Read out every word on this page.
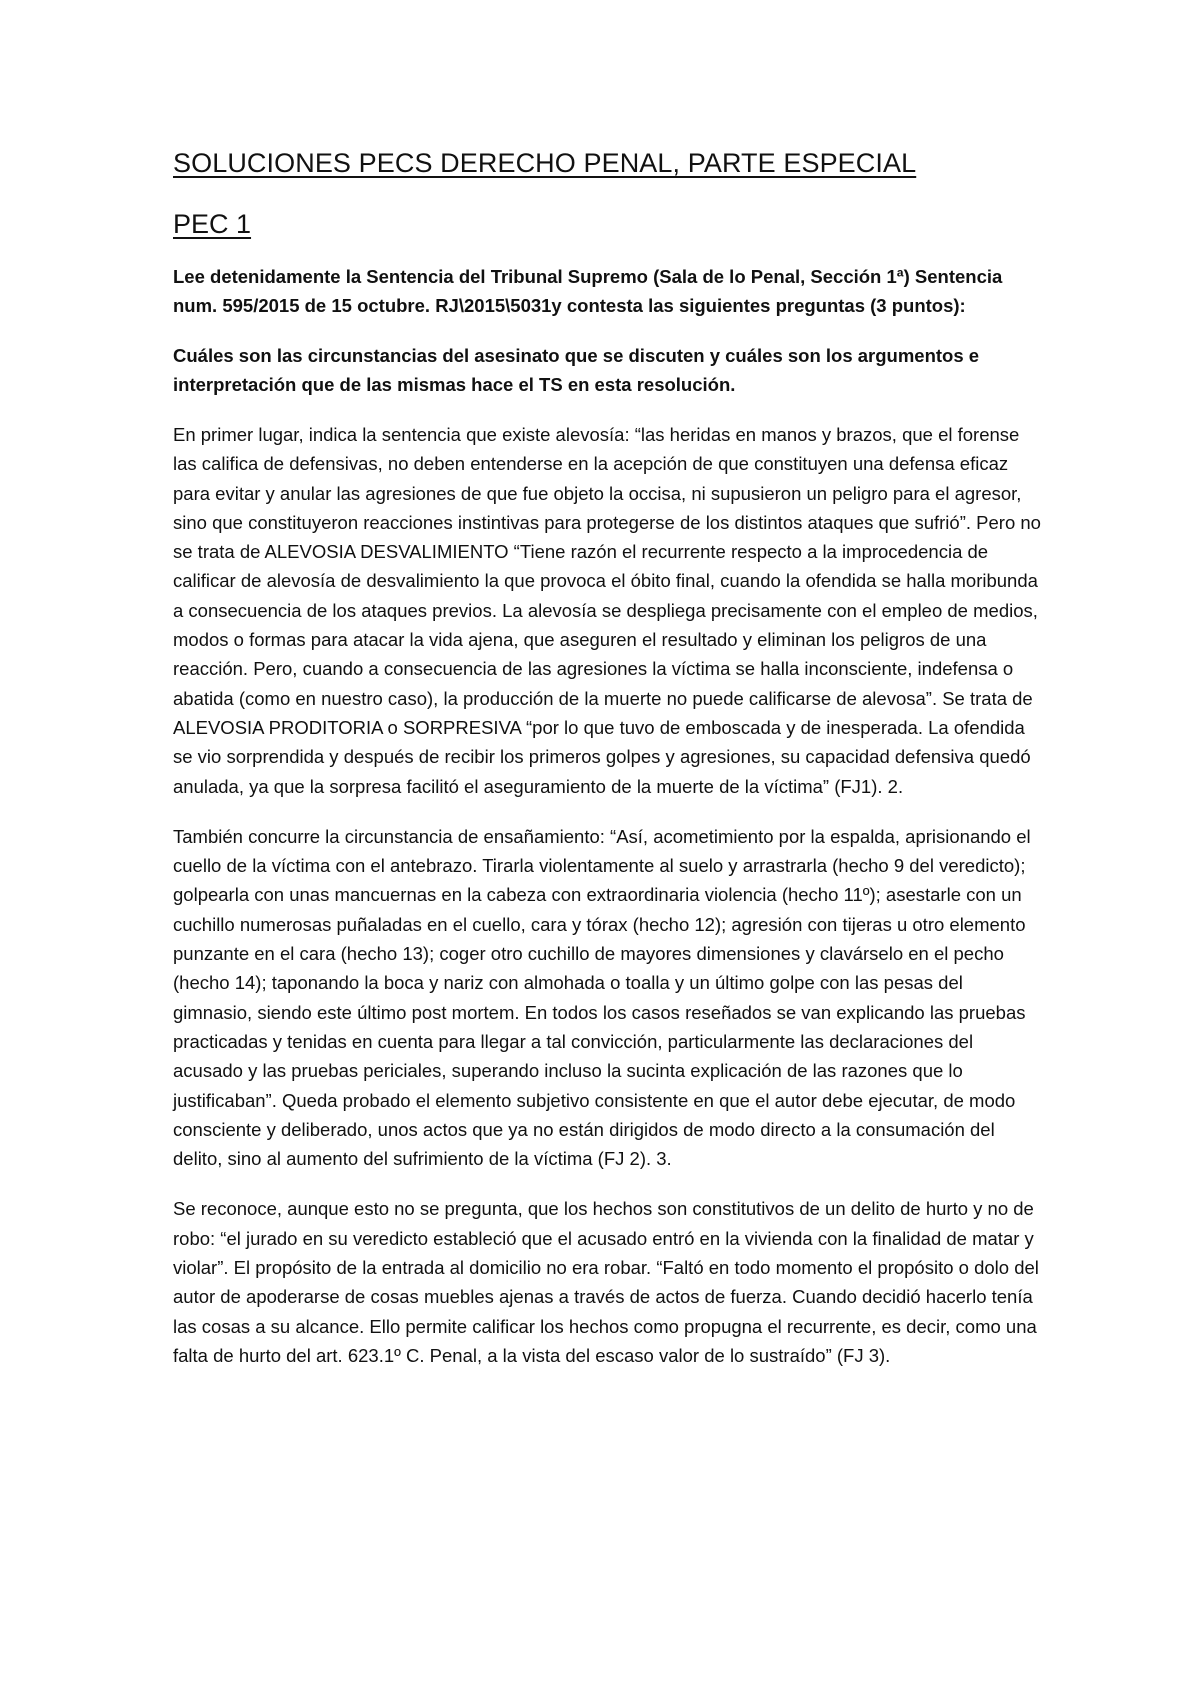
SOLUCIONES PECS DERECHO PENAL, PARTE ESPECIAL
PEC 1

Lee detenidamente la Sentencia del Tribunal Supremo (Sala de lo Penal, Sección 1ª) Sentencia num. 595/2015 de 15 octubre. RJ\2015\5031y contesta las siguientes preguntas (3 puntos):

Cuáles son las circunstancias del asesinato que se discuten y cuáles son los argumentos e interpretación que de las mismas hace el TS en esta resolución.

En primer lugar, indica la sentencia que existe alevosía: “las heridas en manos y brazos, que el forense las califica de defensivas, no deben entenderse en la acepción de que constituyen una defensa eficaz para evitar y anular las agresiones de que fue objeto la occisa, ni supusieron un peligro para el agresor, sino que constituyeron reacciones instintivas para protegerse de los distintos ataques que sufrió”. Pero no se trata de ALEVOSIA DESVALIMIENTO “Tiene razón el recurrente respecto a la improcedencia de calificar de alevosía de desvalimiento la que provoca el óbito final, cuando la ofendida se halla moribunda a consecuencia de los ataques previos. La alevosía se despliega precisamente con el empleo de medios, modos o formas para atacar la vida ajena, que aseguren el resultado y eliminan los peligros de una reacción. Pero, cuando a consecuencia de las agresiones la víctima se halla inconsciente, indefensa o abatida (como en nuestro caso), la producción de la muerte no puede calificarse de alevosa”. Se trata de ALEVOSIA PRODITORIA o SORPRESIVA “por lo que tuvo de emboscada y de inesperada. La ofendida se vio sorprendida y después de recibir los primeros golpes y agresiones, su capacidad defensiva quedó anulada, ya que la sorpresa facilitó el aseguramiento de la muerte de la víctima” (FJ1). 2.

También concurre la circunstancia de ensañamiento: “Así, acometimiento por la espalda, aprisionando el cuello de la víctima con el antebrazo. Tirarla violentamente al suelo y arrastrarla (hecho 9 del veredicto); golpearla con unas mancuernas en la cabeza con extraordinaria violencia (hecho 11º); asestarle con un cuchillo numerosas puñaladas en el cuello, cara y tórax (hecho 12); agresión con tijeras u otro elemento punzante en el cara (hecho 13); coger otro cuchillo de mayores dimensiones y clavárselo en el pecho (hecho 14); taponando la boca y nariz con almohada o toalla y un último golpe con las pesas del gimnasio, siendo este último post mortem. En todos los casos reseñados se van explicando las pruebas practicadas y tenidas en cuenta para llegar a tal convicción, particularmente las declaraciones del acusado y las pruebas periciales, superando incluso la sucinta explicación de las razones que lo justificaban”. Queda probado el elemento subjetivo consistente en que el autor debe ejecutar, de modo consciente y deliberado, unos actos que ya no están dirigidos de modo directo a la consumación del delito, sino al aumento del sufrimiento de la víctima (FJ 2). 3.

Se reconoce, aunque esto no se pregunta, que los hechos son constitutivos de un delito de hurto y no de robo: “el jurado en su veredicto estableció que el acusado entró en la vivienda con la finalidad de matar y violar”. El propósito de la entrada al domicilio no era robar. “Faltó en todo momento el propósito o dolo del autor de apoderarse de cosas muebles ajenas a través de actos de fuerza. Cuando decidió hacerlo tenía las cosas a su alcance. Ello permite calificar los hechos como propugna el recurrente, es decir, como una falta de hurto del art. 623.1º C. Penal, a la vista del escaso valor de lo sustraído” (FJ 3).
